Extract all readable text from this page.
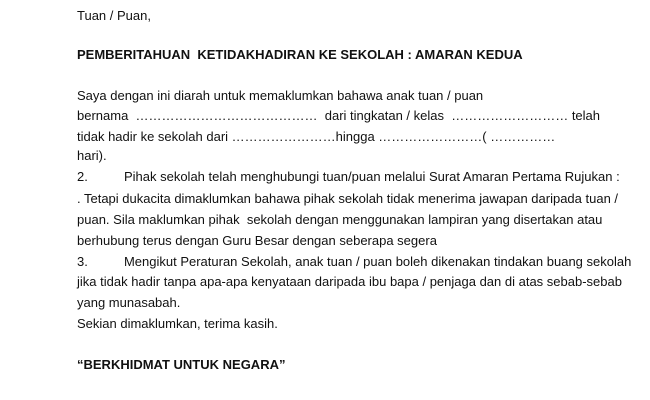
Tuan / Puan,
PEMBERITAHUAN  KETIDAKHADIRAN KE SEKOLAH : AMARAN KEDUA
Saya dengan ini diarah untuk memaklumkan bahawa anak tuan / puan
bernama  ……………………………………  dari tingkatan / kelas  ……………………… telah
tidak hadir ke sekolah dari ……………………hingga ……………………( ……………
hari).
2.          Pihak sekolah telah menghubungi tuan/puan melalui Surat Amaran Pertama Rujukan :
. Tetapi dukacita dimaklumkan bahawa pihak sekolah tidak menerima jawapan daripada tuan /
puan. Sila maklumkan pihak  sekolah dengan menggunakan lampiran yang disertakan atau
berhubung terus dengan Guru Besar dengan seberapa segera
3.          Mengikut Peraturan Sekolah, anak tuan / puan boleh dikenakan tindakan buang sekolah
jika tidak hadir tanpa apa-apa kenyataan daripada ibu bapa / penjaga dan di atas sebab-sebab
yang munasabah.
Sekian dimaklumkan, terima kasih.
“BERKHIDMAT UNTUK NEGARA”
